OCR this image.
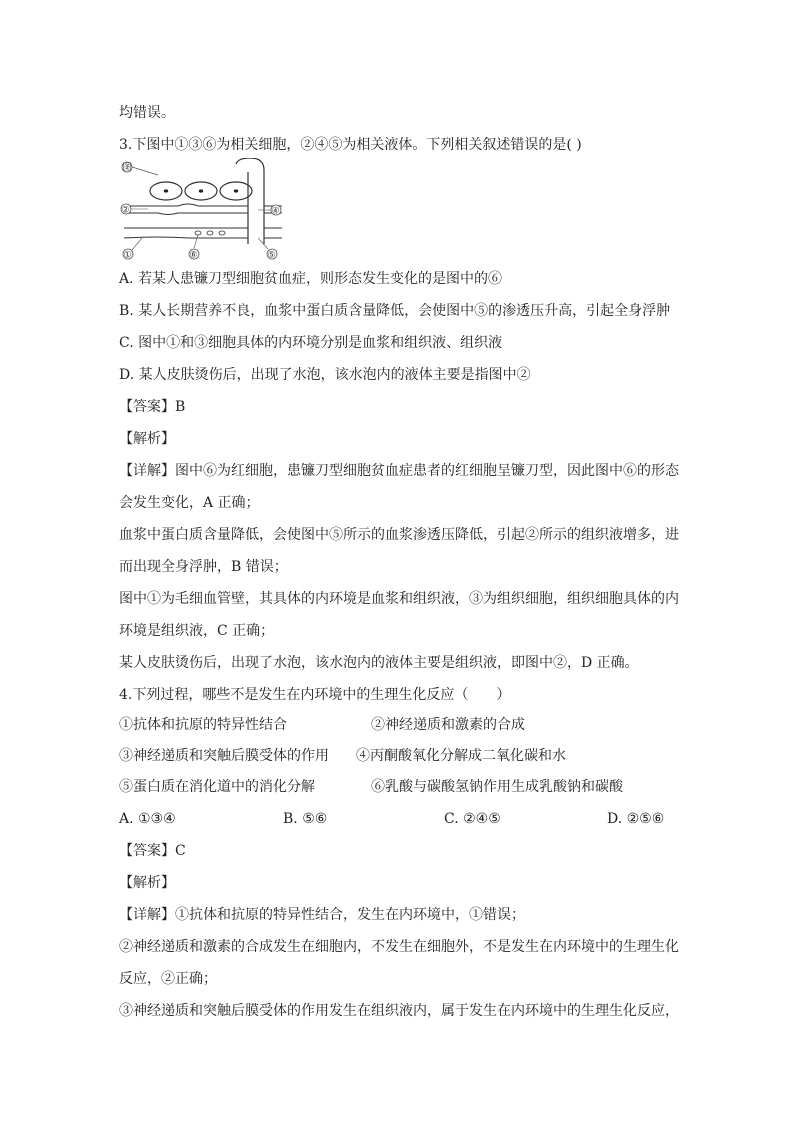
均错误。
3.下图中①③⑥为相关细胞，②④⑤为相关液体。下列相关叙述错误的是( )
图
②	④
①	⑥	⑤
A. 若某人患镰刀型细胞贫血症，则形态发生变化的是图中的⑥
B. 某人长期营养不良，血浆中蛋白质含量降低，会使图中⑤的渗透压升高，引起全身浮肿
C. 图中①和③细胞具体的内环境分别是血浆和组织液、组织液
D. 某人皮肤烫伤后，出现了水泡，该水泡内的液体主要是指图中②
【答案】B
【解析】
【详解】图中⑥为红细胞，患镰刀型细胞贫血症患者的红细胞呈镰刀型，因此图中⑥的形态
会发生变化，A 正确；
血浆中蛋白质含量降低，会使图中⑤所示的血浆渗透压降低，引起②所示的组织液增多，进
而出现全身浮肿，B 错误；
图中①为毛细血管壁，其具体的内环境是血浆和组织液，③为组织细胞，组织细胞具体的内
环境是组织液，C 正确；
某人皮肤烫伤后，出现了水泡，该水泡内的液体主要是组织液，即图中②，D 正确。
4.下列过程，哪些不是发生在内环境中的生理生化反应（　　）
①抗体和抗原的特异性结合	②神经递质和激素的合成
③神经递质和突触后膜受体的作用 ④丙酮酸氧化分解成二氧化碳和水
⑤蛋白质在消化道中的消化分解	⑥乳酸与碳酸氢钠作用生成乳酸钠和碳酸
A. ①③④	B. ⑤⑥	C. ②④⑤	D. ②⑤⑥
【答案】C
【解析】
【详解】①抗体和抗原的特异性结合，发生在内环境中，①错误；
②神经递质和激素的合成发生在细胞内，不发生在细胞外，不是发生在内环境中的生理生化
反应，②正确；
③神经递质和突触后膜受体的作用发生在组织液内，属于发生在内环境中的生理生化反应，
